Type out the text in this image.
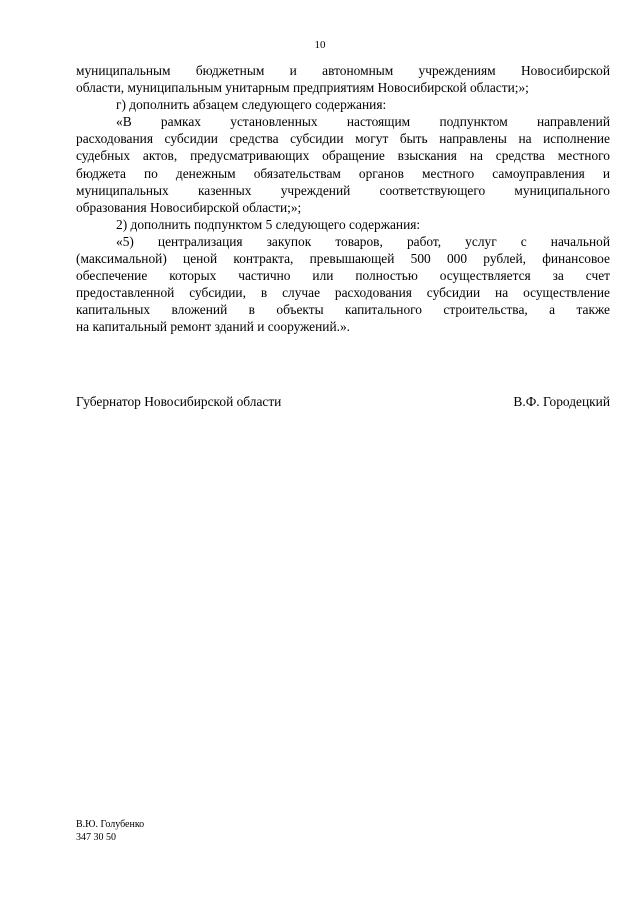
10
муниципальным бюджетным и автономным учреждениям Новосибирской
области, муниципальным унитарным предприятиям Новосибирской области;»;
г) дополнить абзацем следующего содержания:
«В рамках установленных настоящим подпунктом направлений
расходования субсидии средства субсидии могут быть направлены на исполнение
судебных актов, предусматривающих обращение взыскания на средства местного
бюджета по денежным обязательствам органов местного самоуправления и
муниципальных казенных учреждений соответствующего муниципального
образования Новосибирской области;»;
2) дополнить подпунктом 5 следующего содержания:
«5) централизация закупок товаров, работ, услуг с начальной
(максимальной) ценой контракта, превышающей 500 000 рублей, финансовое
обеспечение которых частично или полностью осуществляется за счет
предоставленной субсидии, в случае расходования субсидии на осуществление
капитальных вложений в объекты капитального строительства, а также
на капитальный ремонт зданий и сооружений.».
Губернатор Новосибирской области	В.Ф. Городецкий
В.Ю. Голубенко
347 30 50
